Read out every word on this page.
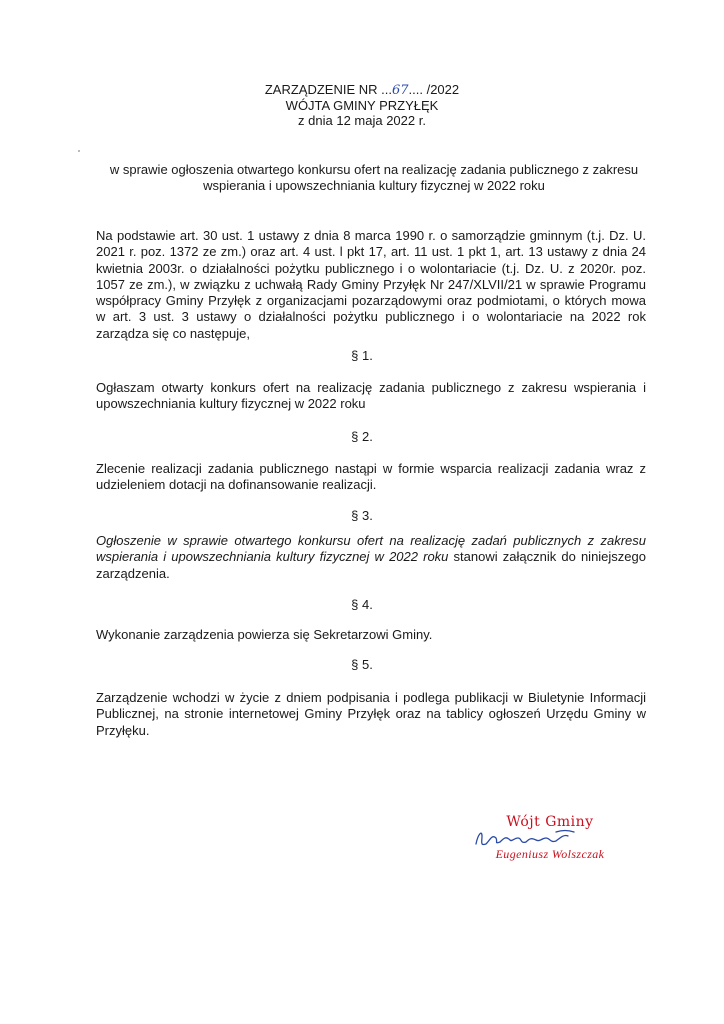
ZARZĄDZENIE NR ...67.... /2022
WÓJTA GMINY PRZYŁĘK
z dnia 12 maja 2022 r.
w sprawie ogłoszenia otwartego konkursu ofert na realizację zadania publicznego z zakresu wspierania i upowszechniania kultury fizycznej w 2022 roku
Na podstawie art. 30 ust. 1 ustawy z dnia 8 marca 1990 r. o samorządzie gminnym (t.j. Dz. U. 2021 r. poz. 1372 ze zm.) oraz art. 4 ust. l pkt 17, art. 11 ust. 1 pkt 1, art. 13 ustawy z dnia 24 kwietnia 2003r. o działalności pożytku publicznego i o wolontariacie (t.j. Dz. U. z 2020r. poz. 1057 ze zm.), w związku z uchwałą Rady Gminy Przyłęk Nr 247/XLVII/21 w sprawie Programu współpracy Gminy Przyłęk z organizacjami pozarządowymi oraz podmiotami, o których mowa w art. 3 ust. 3 ustawy o działalności pożytku publicznego i o wolontariacie na 2022 rok zarządza się co następuje,
§ 1.
Ogłaszam otwarty konkurs ofert na realizację zadania publicznego z zakresu wspierania i upowszechniania kultury fizycznej w 2022 roku
§ 2.
Zlecenie realizacji zadania publicznego nastąpi w formie wsparcia realizacji zadania wraz z udzieleniem dotacji na dofinansowanie realizacji.
§ 3.
Ogłoszenie w sprawie otwartego konkursu ofert na realizację zadań publicznych z zakresu wspierania i upowszechniania kultury fizycznej w 2022 roku stanowi załącznik do niniejszego zarządzenia.
§ 4.
Wykonanie zarządzenia powierza się Sekretarzowi Gminy.
§ 5.
Zarządzenie wchodzi w życie z dniem podpisania i podlega publikacji w Biuletynie Informacji Publicznej, na stronie internetowej Gminy Przyłęk oraz na tablicy ogłoszeń Urzędu Gminy w Przyłęku.
Wójt Gminy
Eugeniusz Wolszczak
